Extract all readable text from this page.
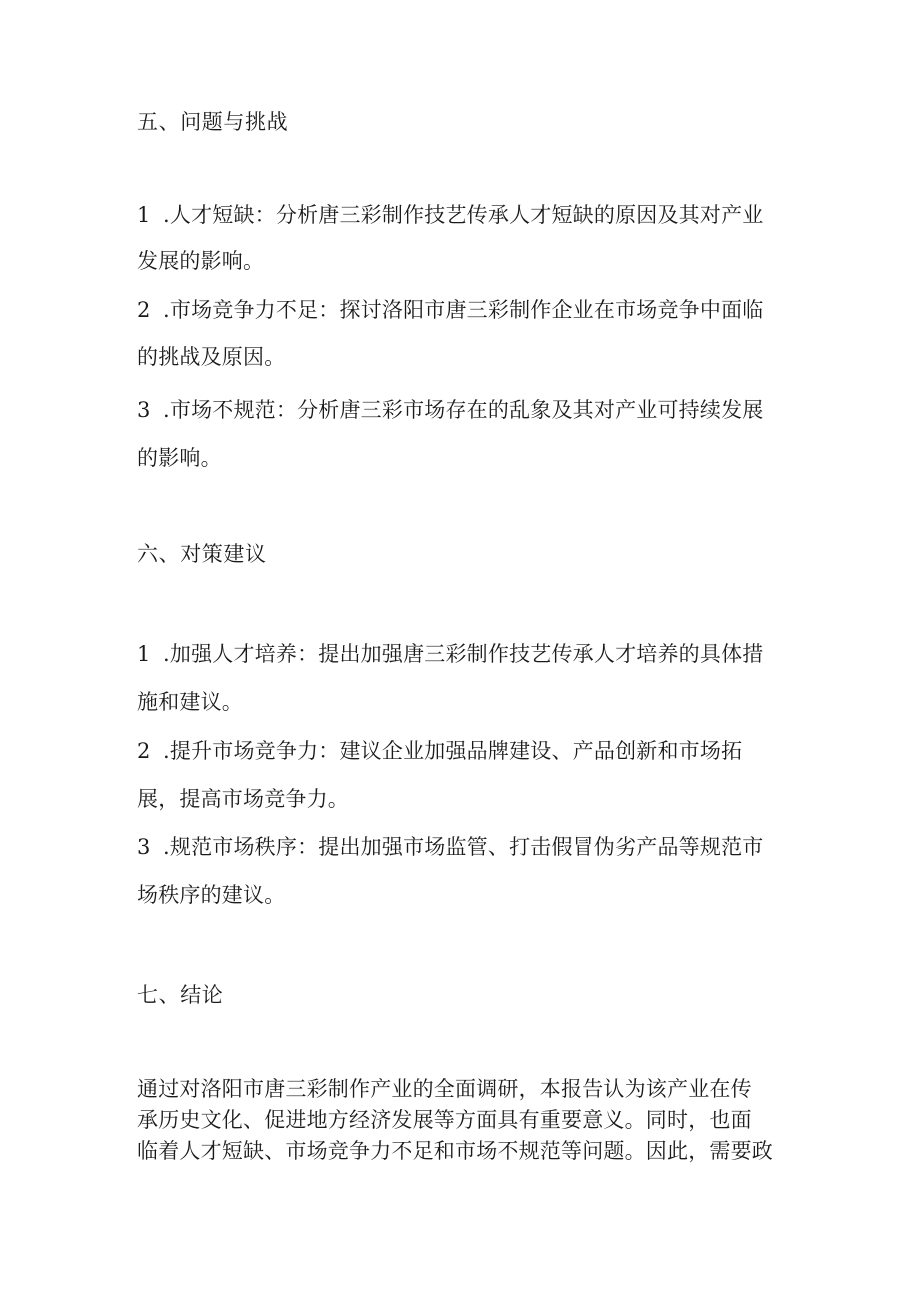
五、问题与挑战
1 .人才短缺：分析唐三彩制作技艺传承人才短缺的原因及其对产业
发展的影响。
2 .市场竞争力不足：探讨洛阳市唐三彩制作企业在市场竞争中面临
的挑战及原因。
3 .市场不规范：分析唐三彩市场存在的乱象及其对产业可持续发展
的影响。
六、对策建议
1 .加强人才培养：提出加强唐三彩制作技艺传承人才培养的具体措
施和建议。
2 .提升市场竞争力：建议企业加强品牌建设、产品创新和市场拓
展，提高市场竞争力。
3 .规范市场秩序：提出加强市场监管、打击假冒伪劣产品等规范市
场秩序的建议。
七、结论
通过对洛阳市唐三彩制作产业的全面调研，本报告认为该产业在传
承历史文化、促进地方经济发展等方面具有重要意义。同时，也面
临着人才短缺、市场竞争力不足和市场不规范等问题。因此，需要政
